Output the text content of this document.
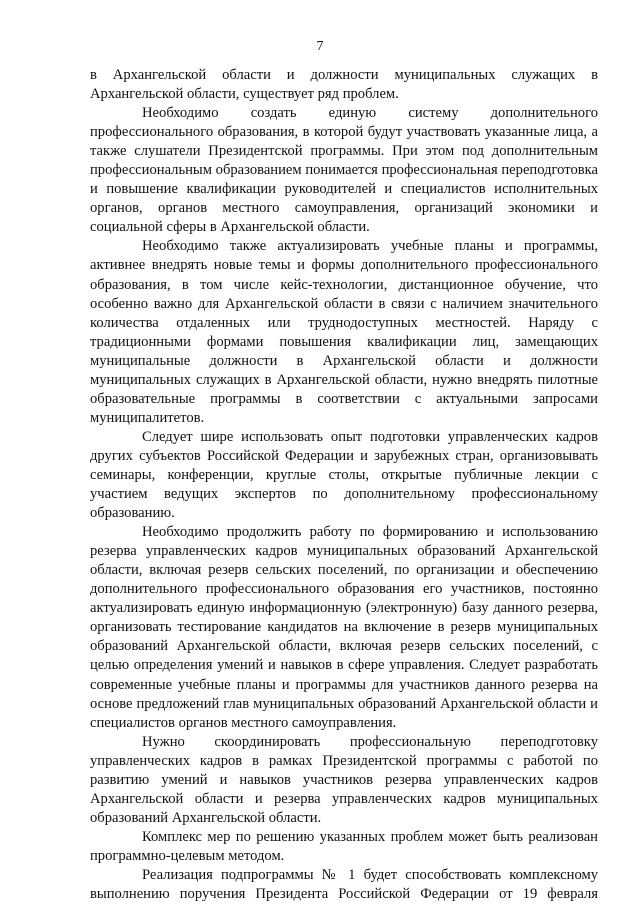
7

в Архангельской области и должности муниципальных служащих в Архангельской области, существует ряд проблем.

Необходимо создать единую систему дополнительного профессионального образования, в которой будут участвовать указанные лица, а также слушатели Президентской программы. При этом под дополнительным профессиональным образованием понимается профессиональная переподготовка и повышение квалификации руководителей и специалистов исполнительных органов, органов местного самоуправления, организаций экономики и социальной сферы в Архангельской области.

Необходимо также актуализировать учебные планы и программы, активнее внедрять новые темы и формы дополнительного профессионального образования, в том числе кейс-технологии, дистанционное обучение, что особенно важно для Архангельской области в связи с наличием значительного количества отдаленных или труднодоступных местностей. Наряду с традиционными формами повышения квалификации лиц, замещающих муниципальные должности в Архангельской области и должности муниципальных служащих в Архангельской области, нужно внедрять пилотные образовательные программы в соответствии с актуальными запросами муниципалитетов.

Следует шире использовать опыт подготовки управленческих кадров других субъектов Российской Федерации и зарубежных стран, организовывать семинары, конференции, круглые столы, открытые публичные лекции с участием ведущих экспертов по дополнительному профессиональному образованию.

Необходимо продолжить работу по формированию и использованию резерва управленческих кадров муниципальных образований Архангельской области, включая резерв сельских поселений, по организации и обеспечению дополнительного профессионального образования его участников, постоянно актуализировать единую информационную (электронную) базу данного резерва, организовать тестирование кандидатов на включение в резерв муниципальных образований Архангельской области, включая резерв сельских поселений, с целью определения умений и навыков в сфере управления. Следует разработать современные учебные планы и программы для участников данного резерва на основе предложений глав муниципальных образований Архангельской области и специалистов органов местного самоуправления.

Нужно скоординировать профессиональную переподготовку управленческих кадров в рамках Президентской программы с работой по развитию умений и навыков участников резерва управленческих кадров Архангельской области и резерва управленческих кадров муниципальных образований Архангельской области.

Комплекс мер по решению указанных проблем может быть реализован программно-целевым методом.

Реализация подпрограммы № 1 будет способствовать комплексному выполнению поручения Президента Российской Федерации от 19 февраля
